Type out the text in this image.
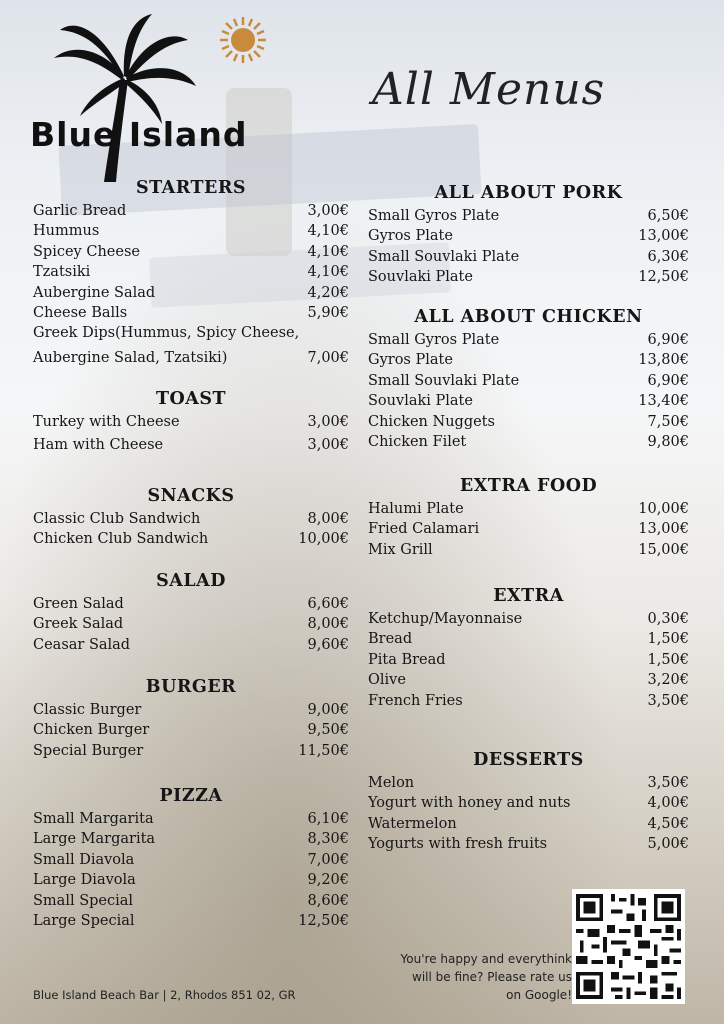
Blue Island
All Menus
STARTERS
Garlic Bread	3,00€
Hummus	4,10€
Spicey Cheese	4,10€
Tzatsiki	4,10€
Aubergine Salad	4,20€
Cheese Balls	5,90€
Greek Dips(Hummus, Spicy Cheese,
Aubergine Salad, Tzatsiki)	7,00€
TOAST
Turkey with Cheese	3,00€
Ham with Cheese	3,00€
SNACKS
Classic Club Sandwich	8,00€
Chicken Club Sandwich	10,00€
SALAD
Green Salad	6,60€
Greek Salad	8,00€
Ceasar Salad	9,60€
BURGER
Classic Burger	9,00€
Chicken Burger	9,50€
Special Burger	11,50€
PIZZA
Small Margarita	6,10€
Large Margarita	8,30€
Small Diavola	7,00€
Large Diavola	9,20€
Small Special	8,60€
Large Special	12,50€
ALL ABOUT PORK
Small Gyros Plate	6,50€
Gyros Plate	13,00€
Small Souvlaki Plate	6,30€
Souvlaki Plate	12,50€
ALL ABOUT CHICKEN
Small Gyros Plate	6,90€
Gyros Plate	13,80€
Small Souvlaki Plate	6,90€
Souvlaki Plate	13,40€
Chicken Nuggets	7,50€
Chicken Filet	9,80€
EXTRA FOOD
Halumi Plate	10,00€
Fried Calamari	13,00€
Mix Grill	15,00€
EXTRA
Ketchup/Mayonnaise	0,30€
Bread	1,50€
Pita Bread	1,50€
Olive	3,20€
French Fries	3,50€
DESSERTS
Melon	3,50€
Yogurt with honey and nuts	4,00€
Watermelon	4,50€
Yogurts with fresh fruits	5,00€
You're happy and everythink
will be fine? Please rate us
on Google!
Blue Island Beach Bar | 2, Rhodos 851 02, GR
